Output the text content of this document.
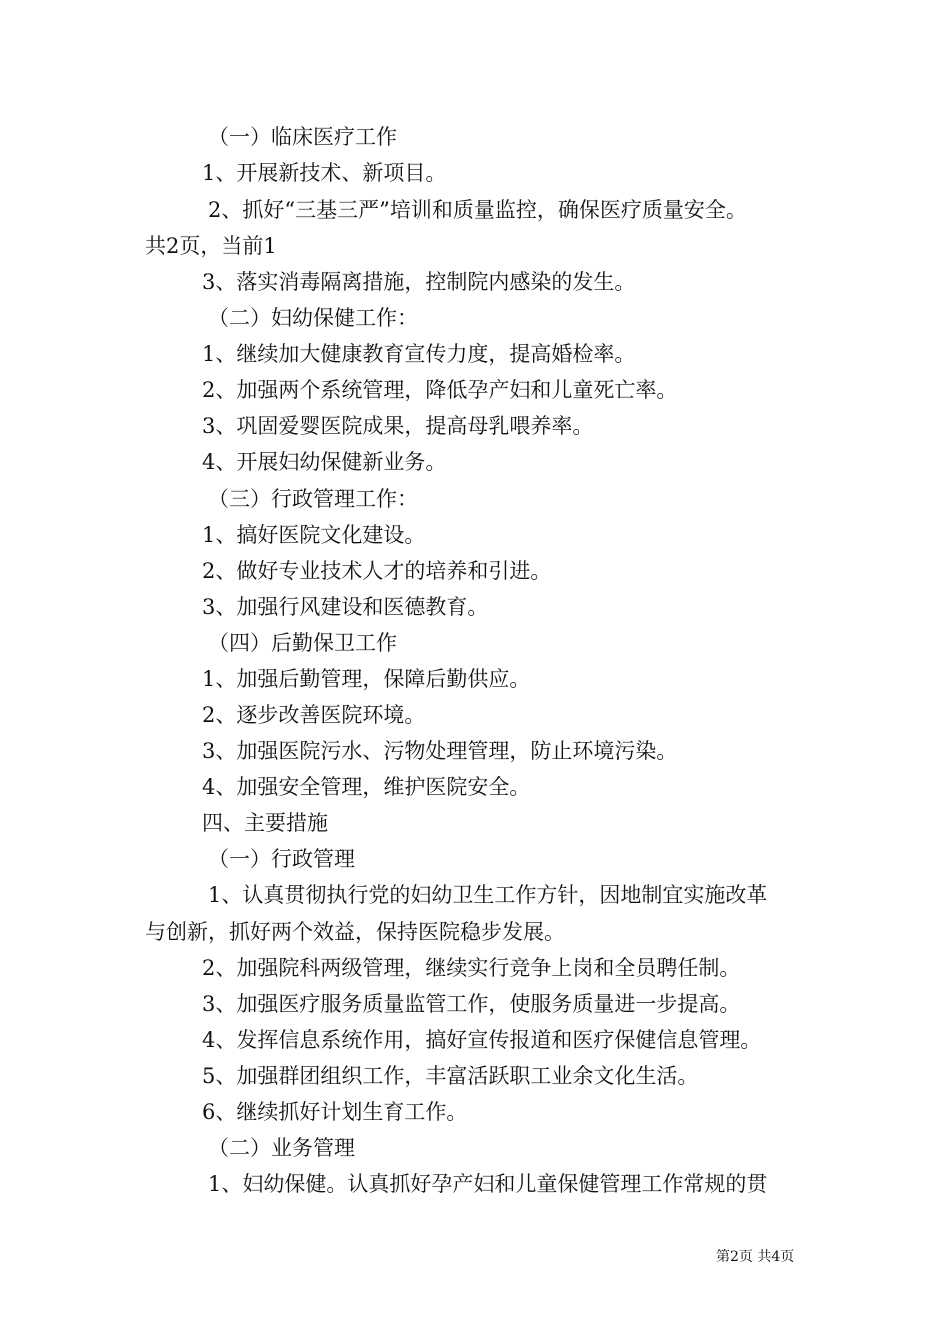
（一）临床医疗工作
1、开展新技术、新项目。
2、抓好“三基三严”培训和质量监控，确保医疗质量安全。
共2页，当前1
3、落实消毒隔离措施，控制院内感染的发生。
（二）妇幼保健工作：
1、继续加大健康教育宣传力度，提高婚检率。
2、加强两个系统管理，降低孕产妇和儿童死亡率。
3、巩固爱婴医院成果，提高母乳喂养率。
4、开展妇幼保健新业务。
（三）行政管理工作：
1、搞好医院文化建设。
2、做好专业技术人才的培养和引进。
3、加强行风建设和医德教育。
（四）后勤保卫工作
1、加强后勤管理，保障后勤供应。
2、逐步改善医院环境。
3、加强医院污水、污物处理管理，防止环境污染。
4、加强安全管理，维护医院安全。
四、主要措施
（一）行政管理
1、认真贯彻执行党的妇幼卫生工作方针，因地制宜实施改革
与创新，抓好两个效益，保持医院稳步发展。
2、加强院科两级管理，继续实行竞争上岗和全员聘任制。
3、加强医疗服务质量监管工作，使服务质量进一步提高。
4、发挥信息系统作用，搞好宣传报道和医疗保健信息管理。
5、加强群团组织工作，丰富活跃职工业余文化生活。
6、继续抓好计划生育工作。
（二）业务管理
1、妇幼保健。认真抓好孕产妇和儿童保健管理工作常规的贯
第2页 共4页
